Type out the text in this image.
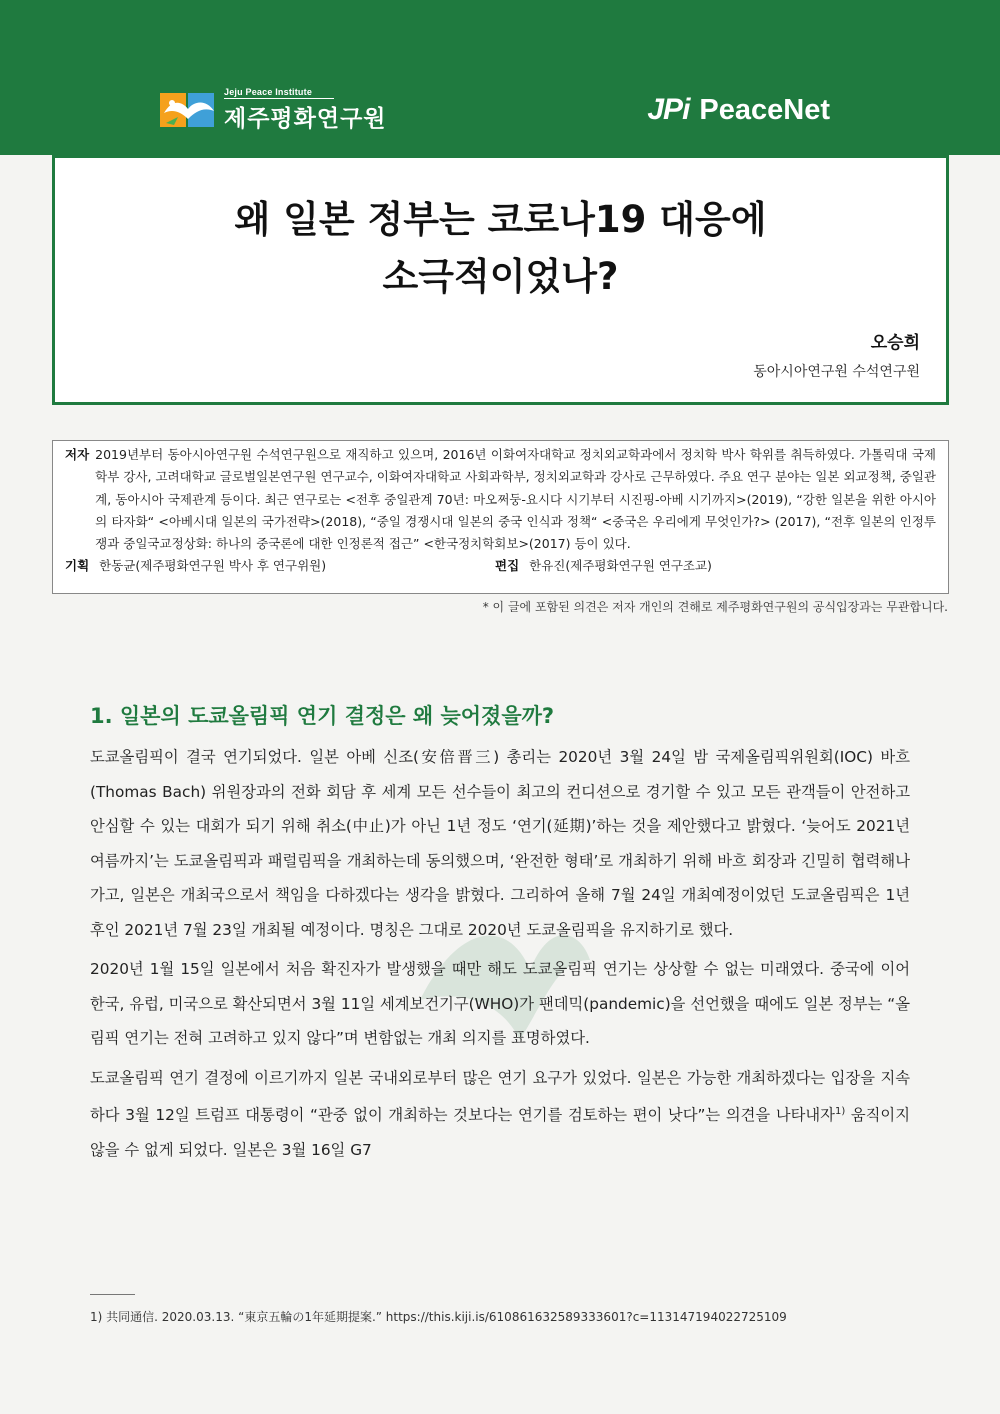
Jeju Peace Institute
제주평화연구원	JPi PeaceNet
왜 일본 정부는 코로나19 대응에
소극적이었나?
오승희
동아시아연구원 수석연구원
저자 2019년부터 동아시아연구원 수석연구원으로 재직하고 있으며, 2016년 이화여자대학교 정치외교학과에서 정치학 박사 학위를 취득하였다. 가톨릭대 국제학부 강사, 고려대학교 글로벌일본연구원 연구교수, 이화여자대학교 사회과학부, 정치외교학과 강사로 근무하였다. 주요 연구 분야는 일본 외교정책, 중일관계, 동아시아 국제관계 등이다. 최근 연구로는 <전후 중일관계 70년: 마오쩌둥-요시다 시기부터 시진핑-아베 시기까지>(2019), “강한 일본을 위한 아시아의 타자화“ <아베시대 일본의 국가전략>(2018), “중일 경쟁시대 일본의 중국 인식과 정책“ <중국은 우리에게 무엇인가?> (2017), “전후 일본의 인정투쟁과 중일국교정상화: 하나의 중국론에 대한 인정론적 접근” <한국정치학회보>(2017) 등이 있다.
기획 한동균(제주평화연구원 박사 후 연구위원)	편집 한유진(제주평화연구원 연구조교)
* 이 글에 포함된 의견은 저자 개인의 견해로 제주평화연구원의 공식입장과는 무관합니다.
1. 일본의 도쿄올림픽 연기 결정은 왜 늦어졌을까?

도쿄올림픽이 결국 연기되었다. 일본 아베 신조(安倍晋三) 총리는 2020년 3월 24일 밤 국제올림픽위원회(IOC) 바흐(Thomas Bach) 위원장과의 전화 회담 후 세계 모든 선수들이 최고의 컨디션으로 경기할 수 있고 모든 관객들이 안전하고 안심할 수 있는 대회가 되기 위해 취소(中止)가 아닌 1년 정도 ‘연기(延期)’하는 것을 제안했다고 밝혔다. ‘늦어도 2021년 여름까지’는 도쿄올림픽과 패럴림픽을 개최하는데 동의했으며, ‘완전한 형태’로 개최하기 위해 바흐 회장과 긴밀히 협력해나가고, 일본은 개최국으로서 책임을 다하겠다는 생각을 밝혔다. 그리하여 올해 7월 24일 개최예정이었던 도쿄올림픽은 1년 후인 2021년 7월 23일 개최될 예정이다. 명칭은 그대로 2020년 도쿄올림픽을 유지하기로 했다.

2020년 1월 15일 일본에서 처음 확진자가 발생했을 때만 해도 도쿄올림픽 연기는 상상할 수 없는 미래였다. 중국에 이어 한국, 유럽, 미국으로 확산되면서 3월 11일 세계보건기구(WHO)가 팬데믹(pandemic)을 선언했을 때에도 일본 정부는 “올림픽 연기는 전혀 고려하고 있지 않다”며 변함없는 개최 의지를 표명하였다.

도쿄올림픽 연기 결정에 이르기까지 일본 국내외로부터 많은 연기 요구가 있었다. 일본은 가능한 개최하겠다는 입장을 지속하다 3월 12일 트럼프 대통령이 “관중 없이 개최하는 것보다는 연기를 검토하는 편이 낫다”는 의견을 나타내자$^{1)}$ 움직이지 않을 수 없게 되었다. 일본은 3월 16일 G7

1) 共同通信. 2020.03.13. “東京五輪の1年延期提案.” https://this.kiji.is/610861632589333601?c=113147194022725109
